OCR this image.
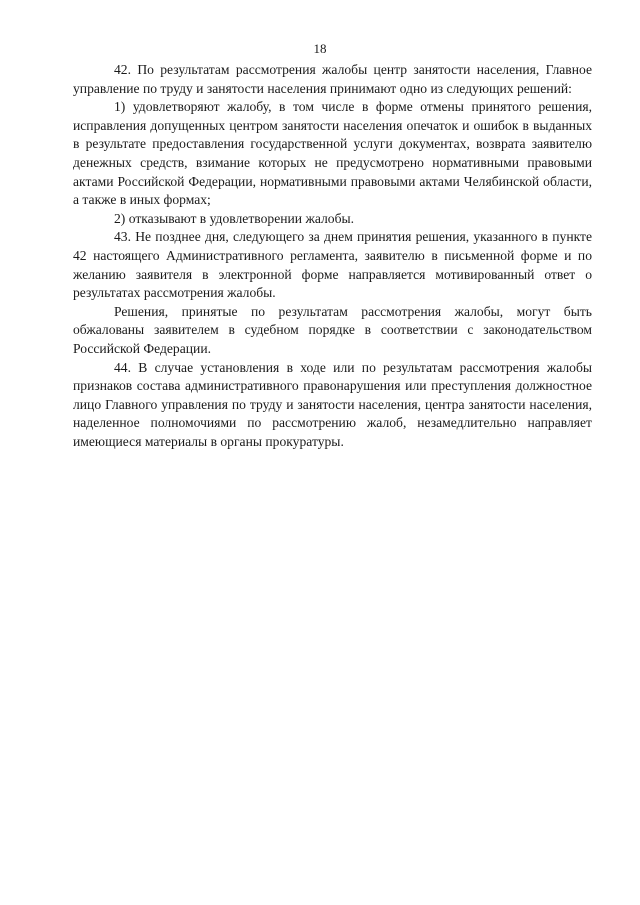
18

42. По результатам рассмотрения жалобы центр занятости населения, Главное управление по труду и занятости населения принимают одно из следующих решений:

1) удовлетворяют жалобу, в том числе в форме отмены принятого решения, исправления допущенных центром занятости населения опечаток и ошибок в выданных в результате предоставления государственной услуги документах, возврата заявителю денежных средств, взимание которых не предусмотрено нормативными правовыми актами Российской Федерации, нормативными правовыми актами Челябинской области, а также в иных формах;

2) отказывают в удовлетворении жалобы.

43. Не позднее дня, следующего за днем принятия решения, указанного в пункте 42 настоящего Административного регламента, заявителю в письменной форме и по желанию заявителя в электронной форме направляется мотивированный ответ о результатах рассмотрения жалобы.

Решения, принятые по результатам рассмотрения жалобы, могут быть обжалованы заявителем в судебном порядке в соответствии с законодательством Российской Федерации.

44. В случае установления в ходе или по результатам рассмотрения жалобы признаков состава административного правонарушения или преступления должностное лицо Главного управления по труду и занятости населения, центра занятости населения, наделенное полномочиями по рассмотрению жалоб, незамедлительно направляет имеющиеся материалы в органы прокуратуры.
